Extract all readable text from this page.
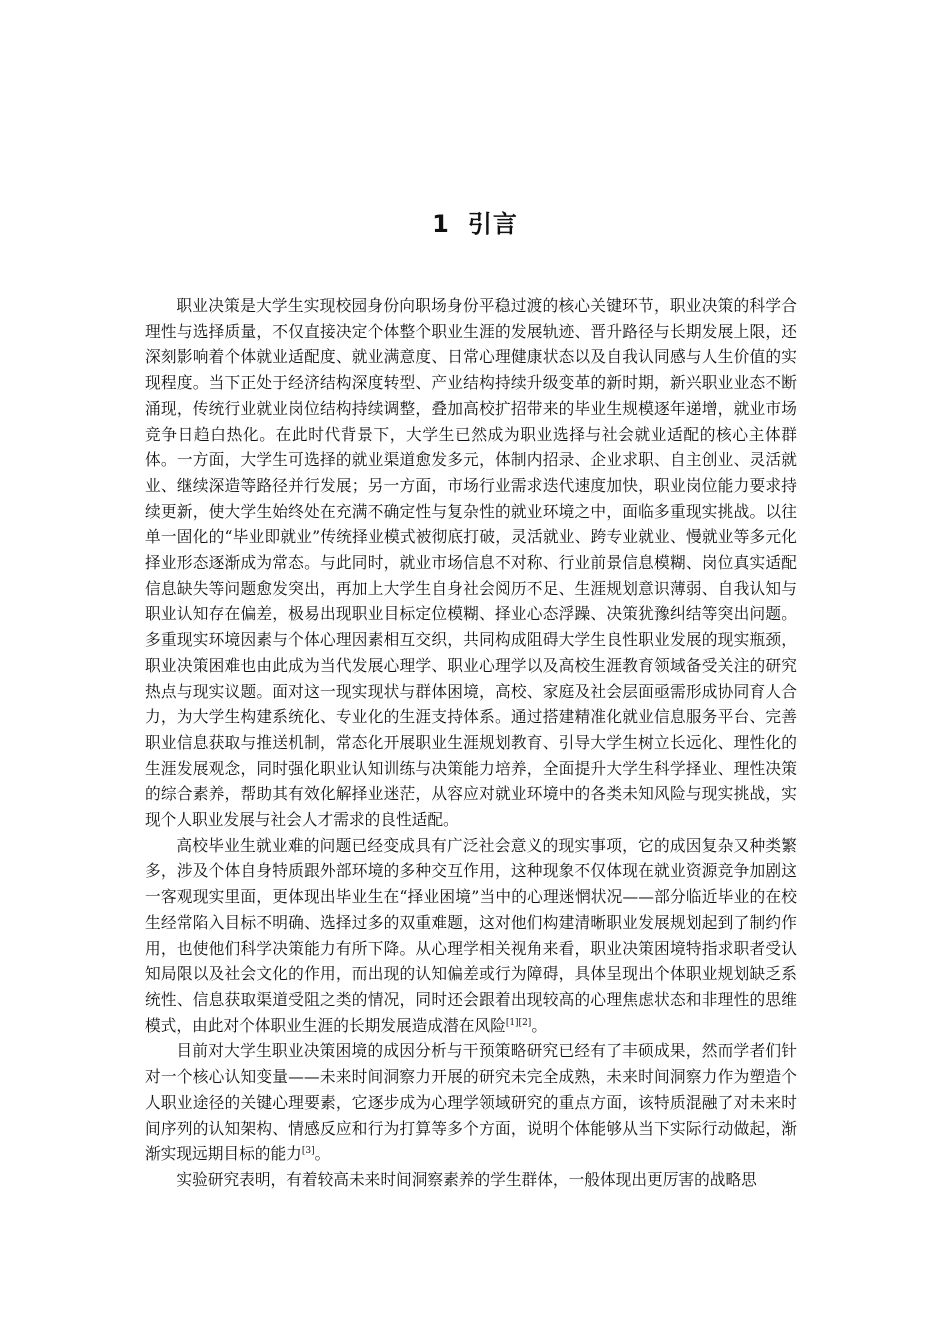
1 引言

职业决策是大学生实现校园身份向职场身份平稳过渡的核心关键环节，职业决策的科学合理性与选择质量，不仅直接决定个体整个职业生涯的发展轨迹、晋升路径与长期发展上限，还深刻影响着个体就业适配度、就业满意度、日常心理健康状态以及自我认同感与人生价值的实现程度。当下正处于经济结构深度转型、产业结构持续升级变革的新时期，新兴职业业态不断涌现，传统行业就业岗位结构持续调整，叠加高校扩招带来的毕业生规模逐年递增，就业市场竞争日趋白热化。在此时代背景下，大学生已然成为职业选择与社会就业适配的核心主体群体。一方面，大学生可选择的就业渠道愈发多元，体制内招录、企业求职、自主创业、灵活就业、继续深造等路径并行发展；另一方面，市场行业需求迭代速度加快，职业岗位能力要求持续更新，使大学生始终处在充满不确定性与复杂性的就业环境之中，面临多重现实挑战。以往单一固化的“毕业即就业”传统择业模式被彻底打破，灵活就业、跨专业就业、慢就业等多元化择业形态逐渐成为常态。与此同时，就业市场信息不对称、行业前景信息模糊、岗位真实适配信息缺失等问题愈发突出，再加上大学生自身社会阅历不足、生涯规划意识薄弱、自我认知与职业认知存在偏差，极易出现职业目标定位模糊、择业心态浮躁、决策犹豫纠结等突出问题。多重现实环境因素与个体心理因素相互交织，共同构成阻碍大学生良性职业发展的现实瓶颈，职业决策困难也由此成为当代发展心理学、职业心理学以及高校生涯教育领域备受关注的研究热点与现实议题。面对这一现实现状与群体困境，高校、家庭及社会层面亟需形成协同育人合力，为大学生构建系统化、专业化的生涯支持体系。通过搭建精准化就业信息服务平台、完善职业信息获取与推送机制，常态化开展职业生涯规划教育、引导大学生树立长远化、理性化的生涯发展观念，同时强化职业认知训练与决策能力培养，全面提升大学生科学择业、理性决策的综合素养，帮助其有效化解择业迷茫，从容应对就业环境中的各类未知风险与现实挑战，实现个人职业发展与社会人才需求的良性适配。

高校毕业生就业难的问题已经变成具有广泛社会意义的现实事项，它的成因复杂又种类繁多，涉及个体自身特质跟外部环境的多种交互作用，这种现象不仅体现在就业资源竞争加剧这一客观现实里面，更体现出毕业生在“择业困境”当中的心理迷惘状况——部分临近毕业的在校生经常陷入目标不明确、选择过多的双重难题，这对他们构建清晰职业发展规划起到了制约作用，也使他们科学决策能力有所下降。从心理学相关视角来看，职业决策困境特指求职者受认知局限以及社会文化的作用，而出现的认知偏差或行为障碍，具体呈现出个体职业规划缺乏系统性、信息获取渠道受阻之类的情况，同时还会跟着出现较高的心理焦虑状态和非理性的思维模式，由此对个体职业生涯的长期发展造成潜在风险[1][2]。

目前对大学生职业决策困境的成因分析与干预策略研究已经有了丰硕成果，然而学者们针对一个核心认知变量——未来时间洞察力开展的研究未完全成熟，未来时间洞察力作为塑造个人职业途径的关键心理要素，它逐步成为心理学领域研究的重点方面，该特质混融了对未来时间序列的认知架构、情感反应和行为打算等多个方面，说明个体能够从当下实际行动做起，渐渐实现远期目标的能力[3]。

实验研究表明，有着较高未来时间洞察素养的学生群体，一般体现出更厉害的战略思
